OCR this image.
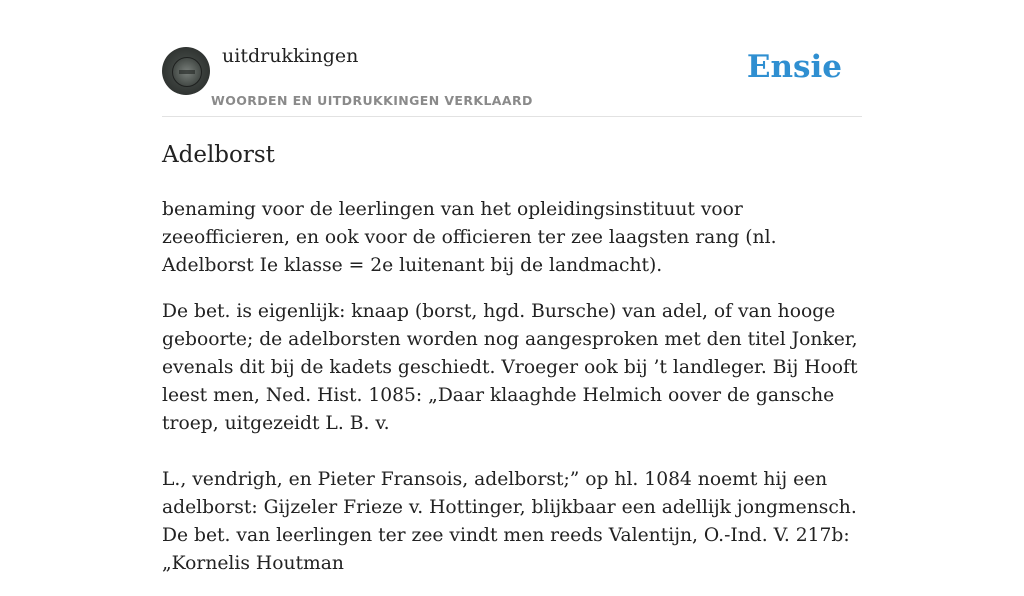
uitdrukkingen
WOORDEN EN UITDRUKKINGEN VERKLAARD
Ensie
Adelborst

benaming voor de leerlingen van het opleidingsinstituut voor zeeofficieren, en ook voor de officieren ter zee laagsten rang (nl. Adelborst Ie klasse = 2e luitenant bij de landmacht).

De bet. is eigenlijk: knaap (borst, hgd. Bursche) van adel, of van hooge geboorte; de adelborsten worden nog aangesproken met den titel Jonker, evenals dit bij de kadets geschiedt. Vroeger ook bij ’t landleger. Bij Hooft leest men, Ned. Hist. 1085: „Daar klaaghde Helmich oover de gansche troep, uitgezeidt L. B. v.

L., vendrigh, en Pieter Fransois, adelborst;” op hl. 1084 noemt hij een adelborst: Gijzeler Frieze v. Hottinger, blijkbaar een adellijk jongmensch. De bet. van leerlingen ter zee vindt men reeds Valentijn, O.-Ind. V. 217b: „Kornelis Houtman
